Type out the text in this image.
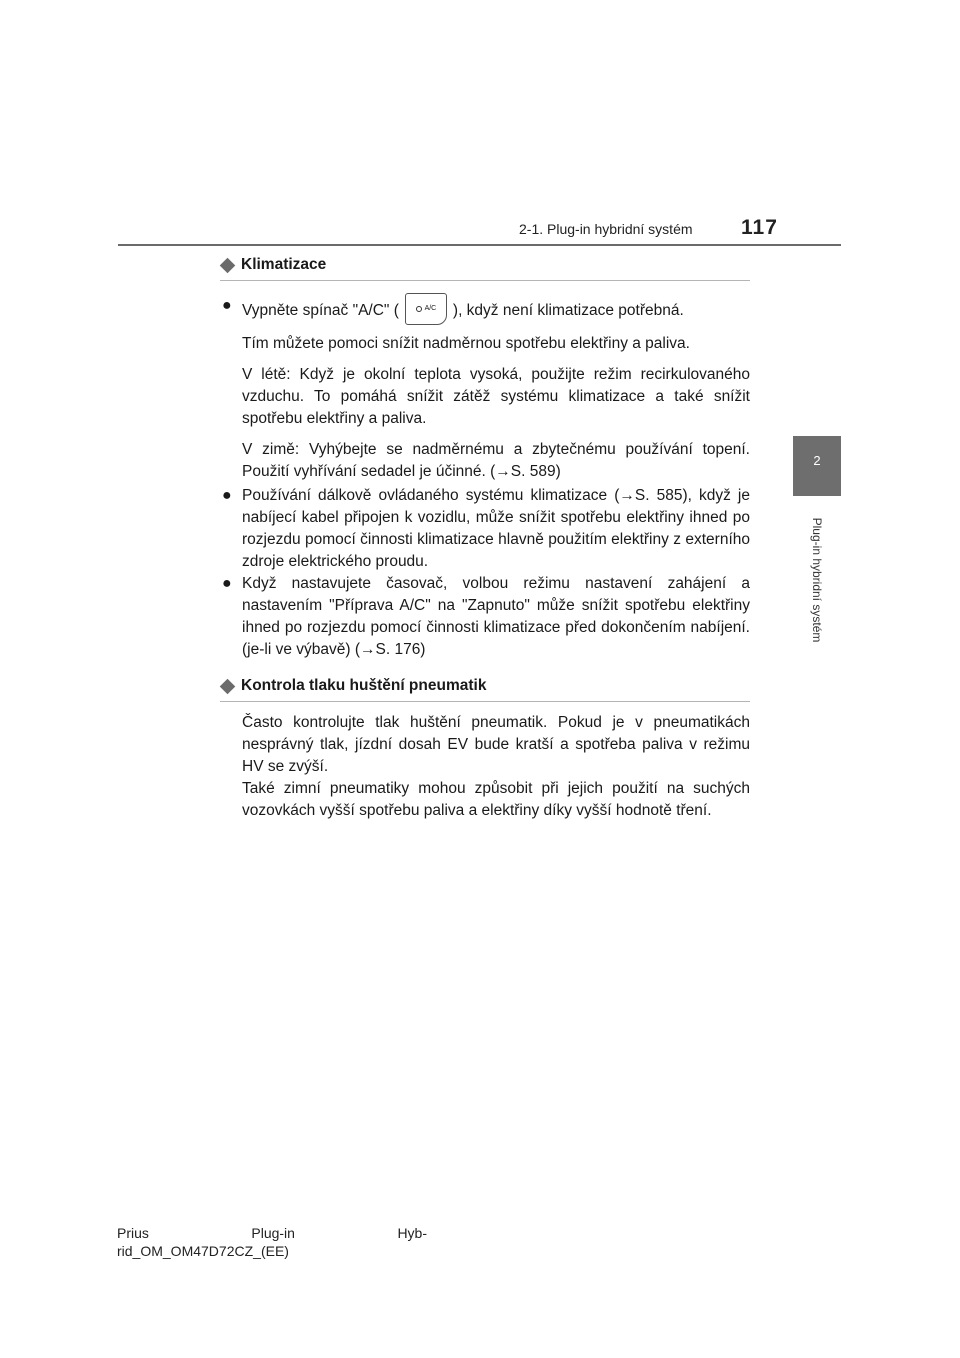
2-1. Plug-in hybridní systém 117
2
Plug-in hybridní systém
Klimatizace
● Vypněte spínač "A/C" (	A/C ), když není klimatizace potřebná.
Tím můžete pomoci snížit nadměrnou spotřebu elektřiny a paliva.
V létě: Když je okolní teplota vysoká, použijte režim recirkulovaného vzduchu. To pomáhá snížit zátěž systému klimatizace a také snížit spotřebu elektřiny a paliva.
V zimě: Vyhýbejte se nadměrnému a zbytečnému používání topení. Použití vyhřívání sedadel je účinné. (→S. 589)
● Používání dálkově ovládaného systému klimatizace (→S. 585), když je nabíjecí kabel připojen k vozidlu, může snížit spotřebu elektřiny ihned po rozjezdu pomocí činnosti klimatizace hlavně použitím elektřiny z externího zdroje elektrického proudu.
● Když nastavujete časovač, volbou režimu nastavení zahájení a nastavením "Příprava A/C" na "Zapnuto" může snížit spotřebu elektřiny ihned po rozjezdu pomocí činnosti klimatizace před dokončením nabíjení. (je-li ve výbavě) (→S. 176)
Kontrola tlaku huštění pneumatik
Často kontrolujte tlak huštění pneumatik. Pokud je v pneumatikách nesprávný tlak, jízdní dosah EV bude kratší a spotřeba paliva v režimu HV se zvýší.
Také zimní pneumatiky mohou způsobit při jejich použití na suchých vozovkách vyšší spotřebu paliva a elektřiny díky vyšší hodnotě tření.
Prius	Plug-in	Hyb-
rid_OM_OM47D72CZ_(EE)
